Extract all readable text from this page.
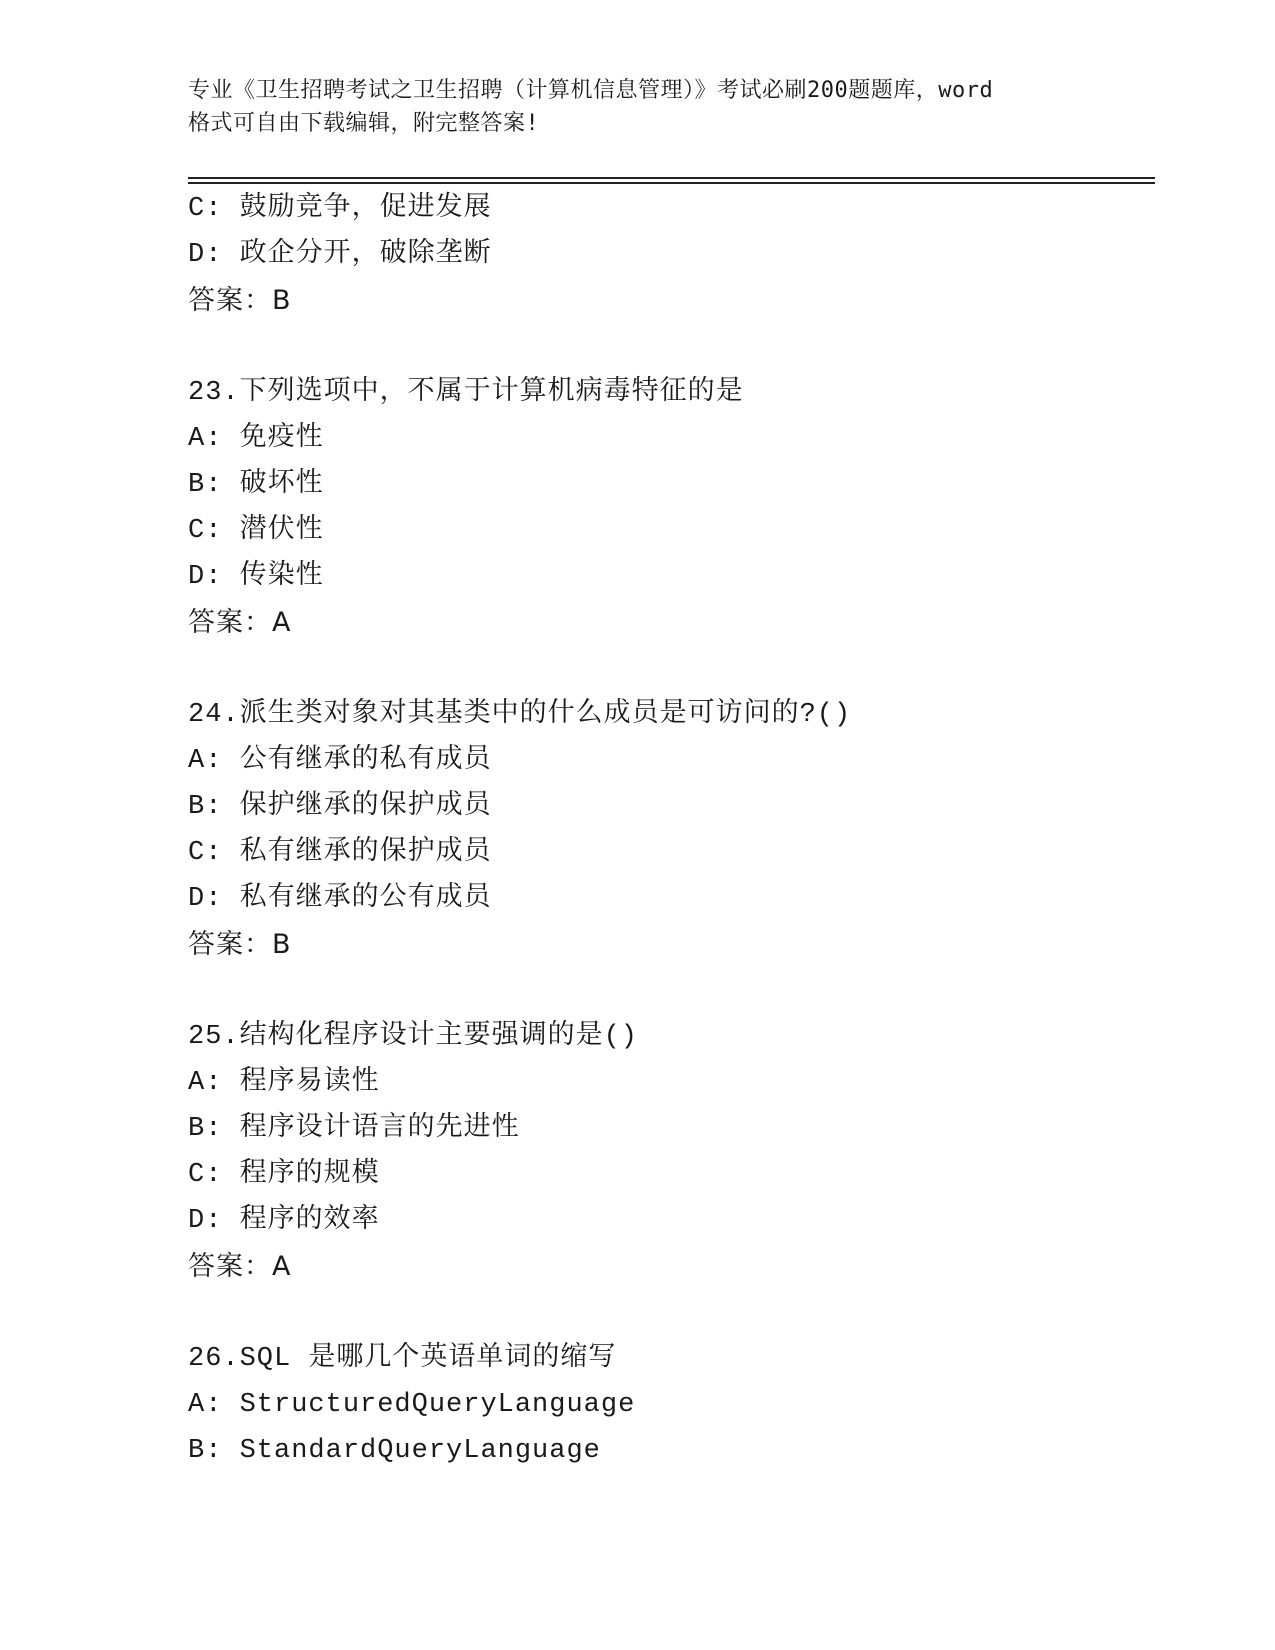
专业《卫生招聘考试之卫生招聘（计算机信息管理）》考试必刷200题题库，word
格式可自由下载编辑，附完整答案!
C: 鼓励竞争，促进发展
D: 政企分开，破除垄断
答案：B
23.下列选项中，不属于计算机病毒特征的是
A: 免疫性
B: 破坏性
C: 潜伏性
D: 传染性
答案：A
24.派生类对象对其基类中的什么成员是可访问的?()
A: 公有继承的私有成员
B: 保护继承的保护成员
C: 私有继承的保护成员
D: 私有继承的公有成员
答案：B
25.结构化程序设计主要强调的是()
A: 程序易读性
B: 程序设计语言的先进性
C: 程序的规模
D: 程序的效率
答案：A
26.SQL 是哪几个英语单词的缩写
A: StructuredQueryLanguage
B: StandardQueryLanguage
